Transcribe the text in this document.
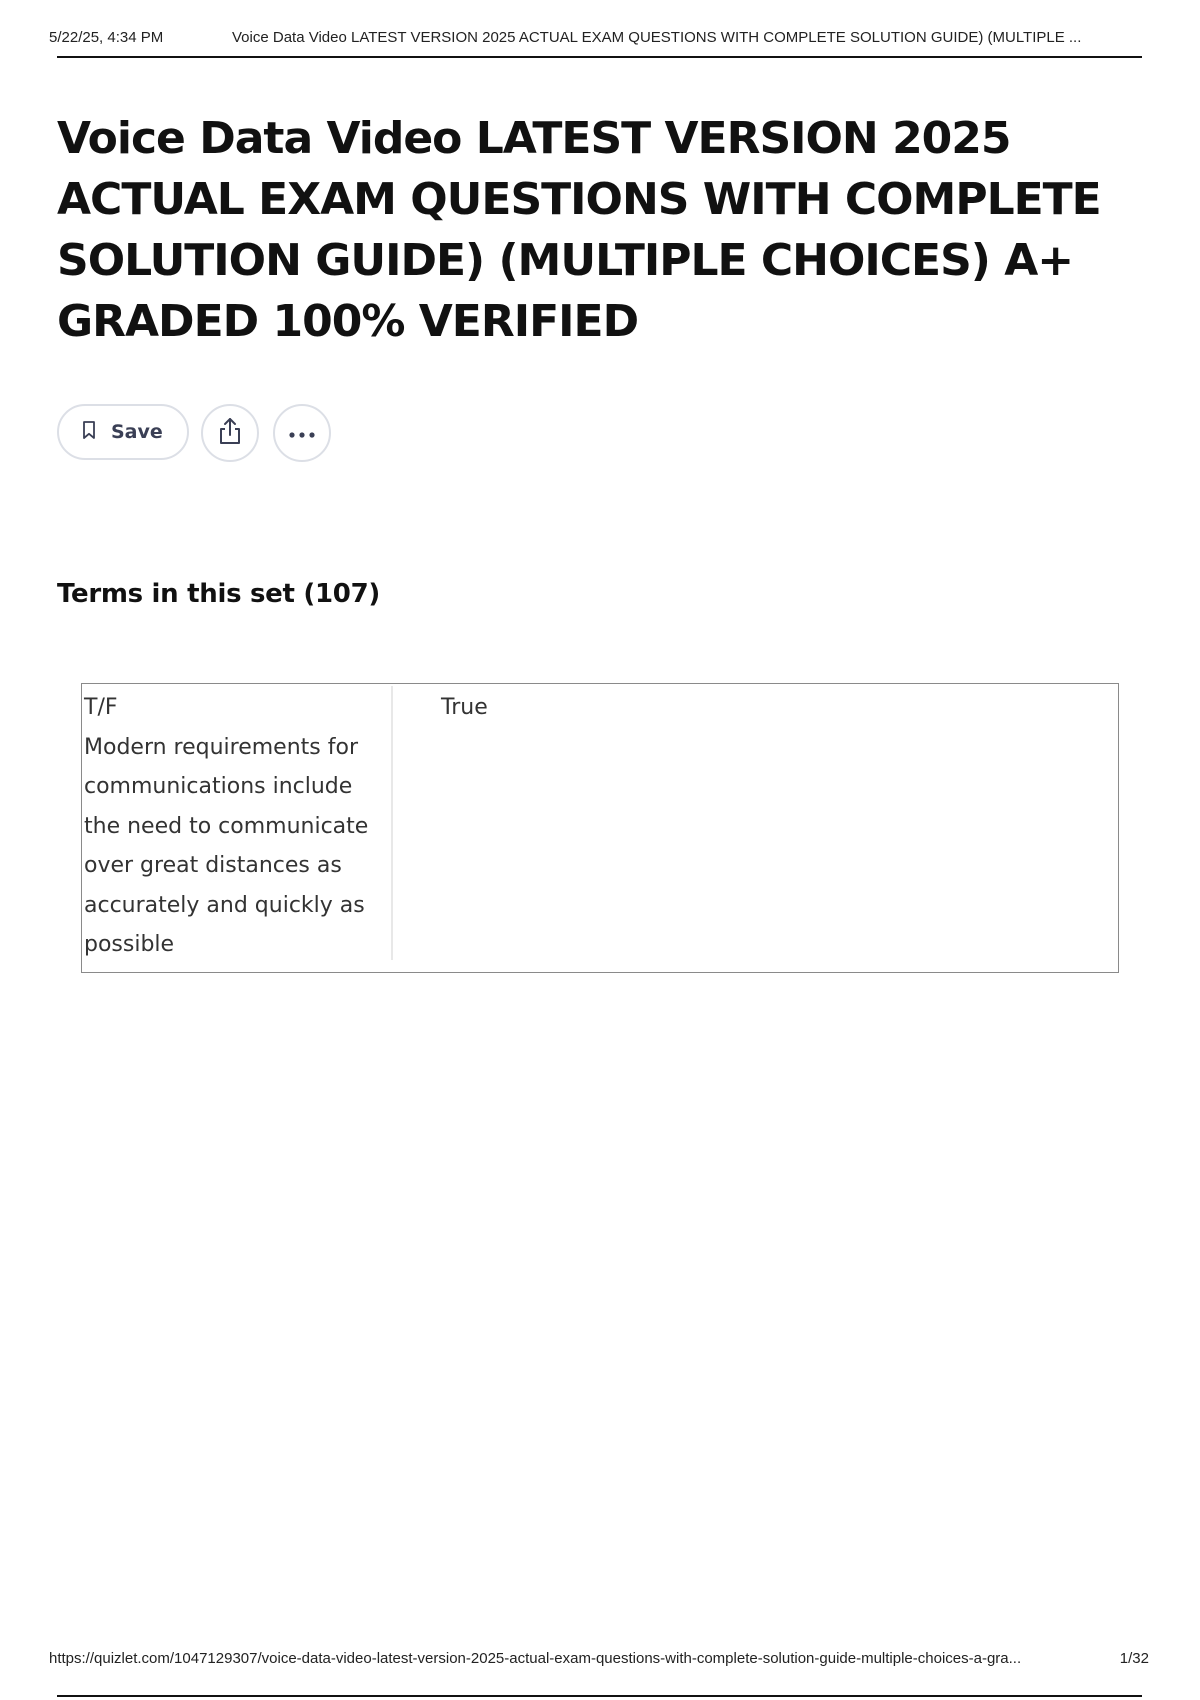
5/22/25, 4:34 PM	Voice Data Video LATEST VERSION 2025 ACTUAL EXAM QUESTIONS WITH COMPLETE SOLUTION GUIDE) (MULTIPLE ...
Voice Data Video LATEST VERSION 2025 ACTUAL EXAM QUESTIONS WITH COMPLETE SOLUTION GUIDE) (MULTIPLE CHOICES) A+ GRADED 100% VERIFIED
Save
Terms in this set (107)

T/F
Modern requirements for communications include the need to communicate over great distances as accurately and quickly as possible

True

https://quizlet.com/1047129307/voice-data-video-latest-version-2025-actual-exam-questions-with-complete-solution-guide-multiple-choices-a-gra...	1/32
